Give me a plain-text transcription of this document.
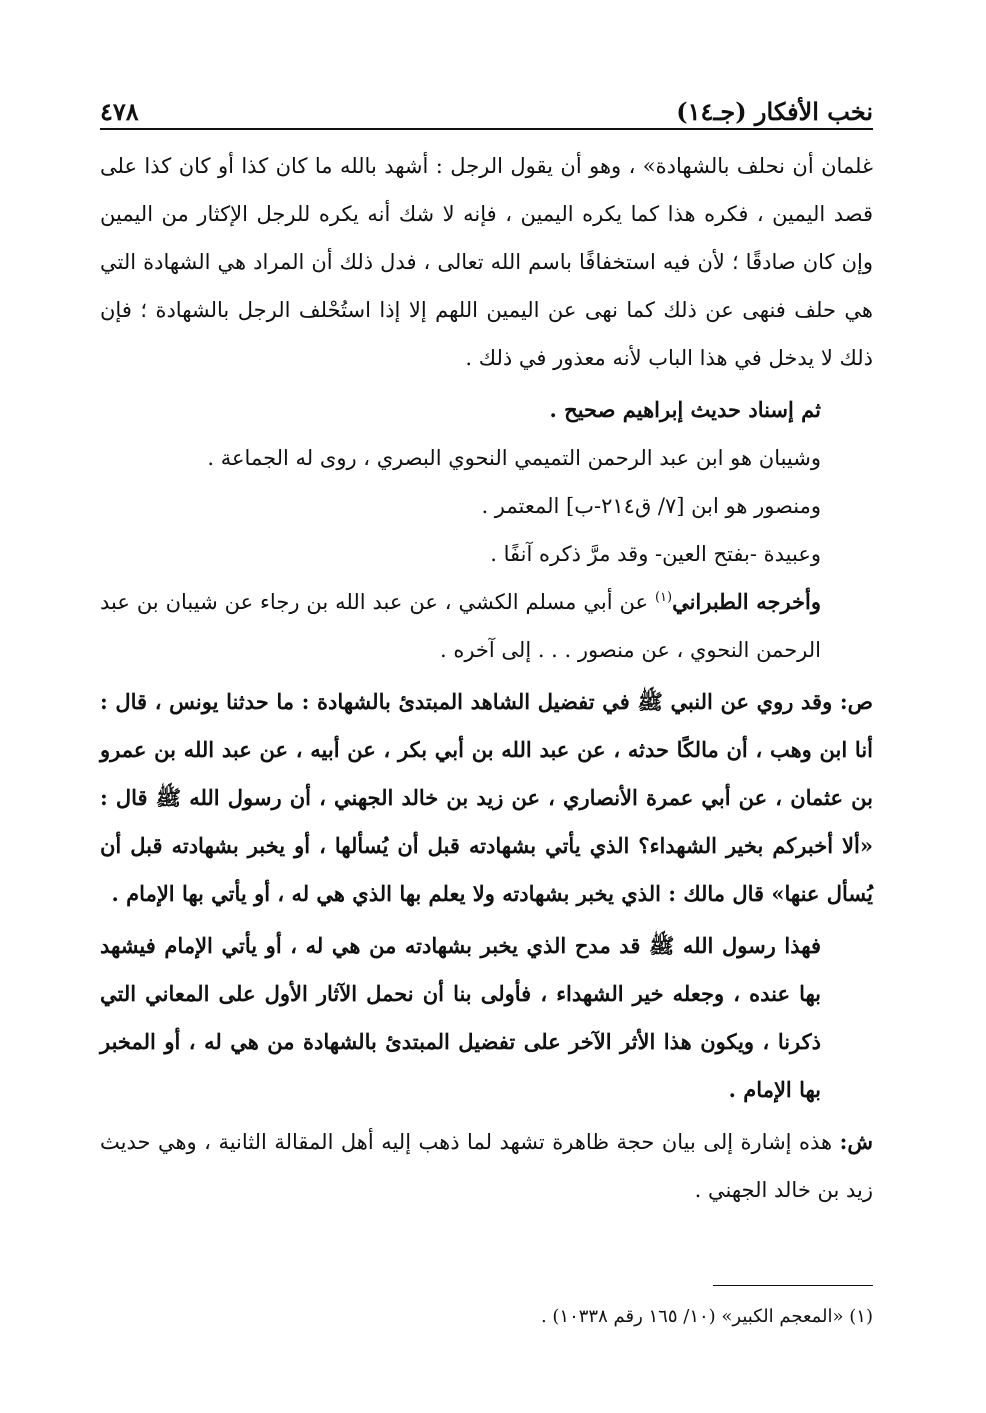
نخب الأفكار (جـ١٤)
٤٧٨

غلمان أن نحلف بالشهادة» ، وهو أن يقول الرجل : أشهد بالله ما كان كذا أو كان كذا على قصد اليمين ، فكره هذا كما يكره اليمين ، فإنه لا شك أنه يكره للرجل الإكثار من اليمين وإن كان صادقًا ؛ لأن فيه استخفافًا باسم الله تعالى ، فدل ذلك أن المراد هي الشهادة التي هي حلف فنهى عن ذلك كما نهى عن اليمين اللهم إلا إذا استُحْلف الرجل بالشهادة ؛ فإن ذلك لا يدخل في هذا الباب لأنه معذور في ذلك .

ثم إسناد حديث إبراهيم صحيح .

وشيبان هو ابن عبد الرحمن التميمي النحوي البصري ، روى له الجماعة .

ومنصور هو ابن [٧/ ق٢١٤-ب] المعتمر .

وعبيدة -بفتح العين- وقد مرَّ ذكره آنفًا .

وأخرجه الطبراني$^{(١)}$ عن أبي مسلم الكشي ، عن عبد الله بن رجاء عن شيبان بن عبد الرحمن النحوي ، عن منصور . . . إلى آخره .

ص: وقد روي عن النبي ﷺ في تفضيل الشاهد المبتدئ بالشهادة : ما حدثنا يونس ، قال : أنا ابن وهب ، أن مالكًا حدثه ، عن عبد الله بن أبي بكر ، عن أبيه ، عن عبد الله بن عمرو بن عثمان ، عن أبي عمرة الأنصاري ، عن زيد بن خالد الجهني ، أن رسول الله ﷺ قال : «ألا أخبركم بخير الشهداء؟ الذي يأتي بشهادته قبل أن يُسألها ، أو يخبر بشهادته قبل أن يُسأل عنها» قال مالك : الذي يخبر بشهادته ولا يعلم بها الذي هي له ، أو يأتي بها الإمام .

فهذا رسول الله ﷺ قد مدح الذي يخبر بشهادته من هي له ، أو يأتي الإمام فيشهد بها عنده ، وجعله خير الشهداء ، فأولى بنا أن نحمل الآثار الأول على المعاني التي ذكرنا ، ويكون هذا الأثر الآخر على تفضيل المبتدئ بالشهادة من هي له ، أو المخبر بها الإمام .

ش: هذه إشارة إلى بيان حجة ظاهرة تشهد لما ذهب إليه أهل المقالة الثانية ، وهي حديث زيد بن خالد الجهني .

(١) «المعجم الكبير» (١٠/ ١٦٥ رقم ١٠٣٣٨) .
